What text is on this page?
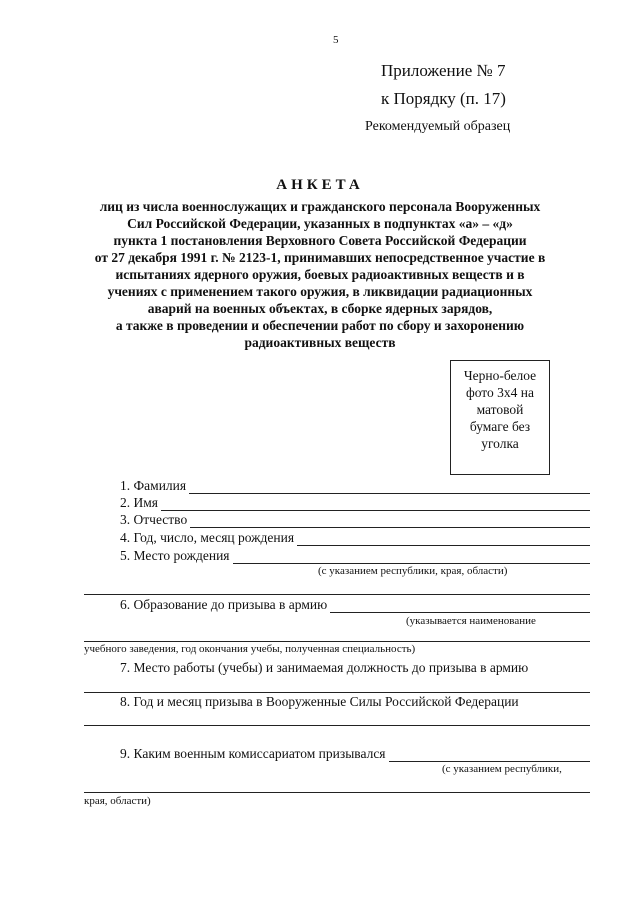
5
Приложение № 7
к Порядку (п. 17)
Рекомендуемый образец
АНКЕТА
лиц из числа военнослужащих и гражданского персонала Вооруженных
Сил Российской Федерации, указанных в подпунктах «а» – «д»
пункта 1 постановления Верховного Совета Российской Федерации
от 27 декабря 1991 г. № 2123-1, принимавших непосредственное участие в
испытаниях ядерного оружия, боевых радиоактивных веществ и в
учениях с применением такого оружия, в ликвидации радиационных
аварий на военных объектах, в сборке ядерных зарядов,
а также в проведении и обеспечении работ по сбору и захоронению
радиоактивных веществ
Черно-белое
фото 3х4 на
матовой
бумаге без
уголка
1. Фамилия
2. Имя
3. Отчество
4. Год, число, месяц рождения
5. Место рождения
(с указанием республики, края, области)
6. Образование до призыва в армию
(указывается наименование
учебного заведения, год окончания учебы, полученная специальность)
7. Место работы (учебы) и занимаемая должность до призыва в армию
8. Год и месяц призыва в Вооруженные Силы Российской Федерации
9. Каким военным комиссариатом призывался
(с указанием республики,
края, области)
